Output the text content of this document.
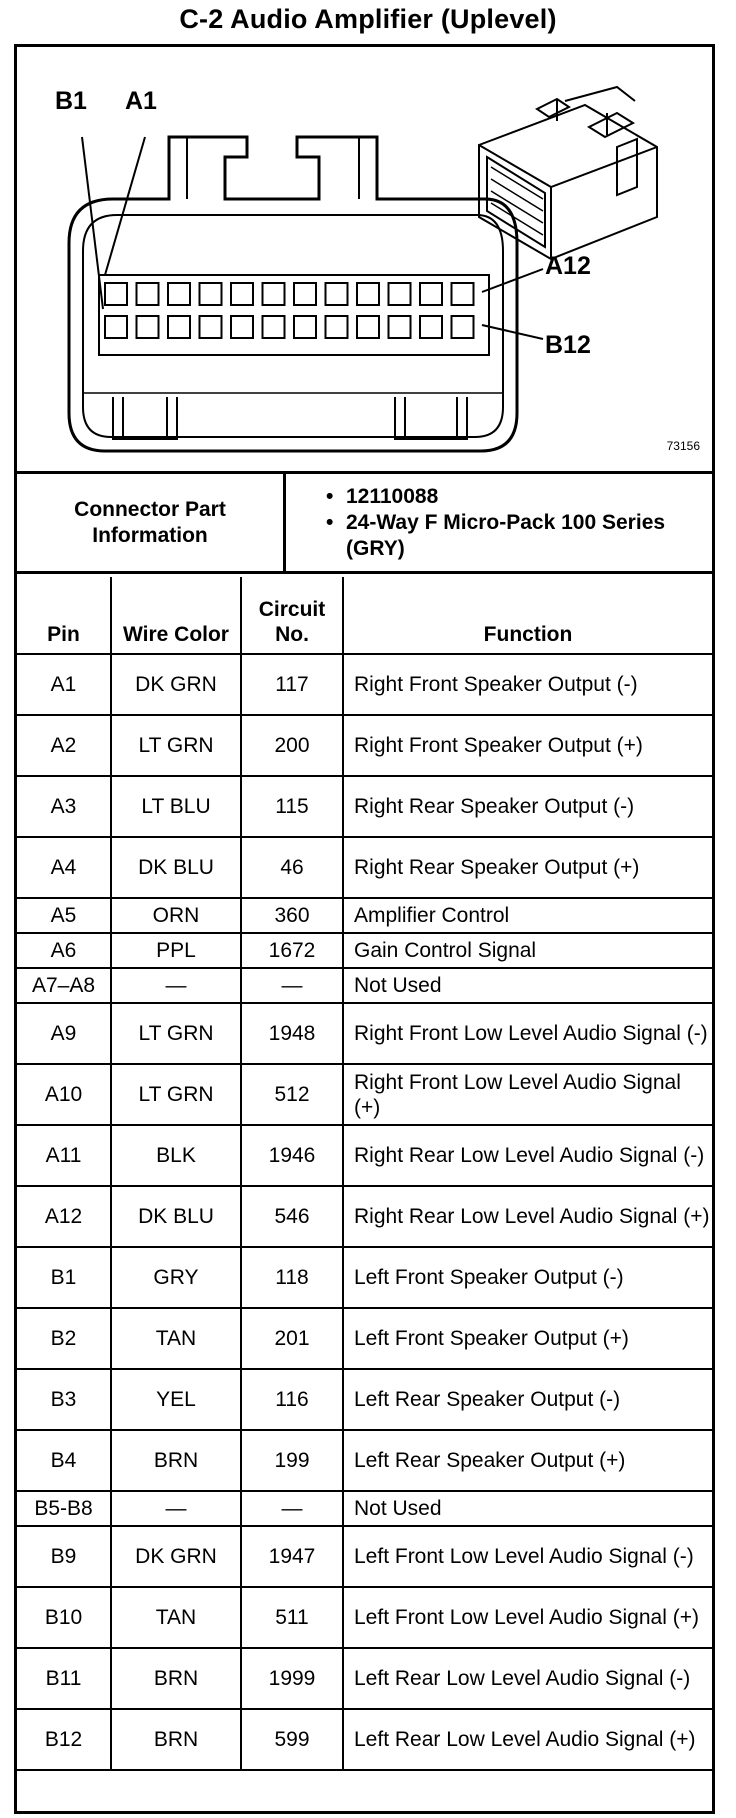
C-2 Audio Amplifier (Uplevel)
B1 A1
A12
B12
73156
Connector Part Information	
• 12110088
• 24-Way F Micro-Pack 100 Series (GRY)
Pin	Wire Color	Circuit No.	Function
A1	DK GRN	117	Right Front Speaker Output (-)
A2	LT GRN	200	Right Front Speaker Output (+)
A3	LT BLU	115	Right Rear Speaker Output (-)
A4	DK BLU	46	Right Rear Speaker Output (+)
A5	ORN	360	Amplifier Control
A6	PPL	1672	Gain Control Signal
A7–A8	—	—	Not Used
A9	LT GRN	1948	Right Front Low Level Audio Signal (-)
A10	LT GRN	512	Right Front Low Level Audio Signal (+)
A11	BLK	1946	Right Rear Low Level Audio Signal (-)
A12	DK BLU	546	Right Rear Low Level Audio Signal (+)
B1	GRY	118	Left Front Speaker Output (-)
B2	TAN	201	Left Front Speaker Output (+)
B3	YEL	116	Left Rear Speaker Output (-)
B4	BRN	199	Left Rear Speaker Output (+)
B5-B8	—	—	Not Used
B9	DK GRN	1947	Left Front Low Level Audio Signal (-)
B10	TAN	511	Left Front Low Level Audio Signal (+)
B11	BRN	1999	Left Rear Low Level Audio Signal (-)
B12	BRN	599	Left Rear Low Level Audio Signal (+)
